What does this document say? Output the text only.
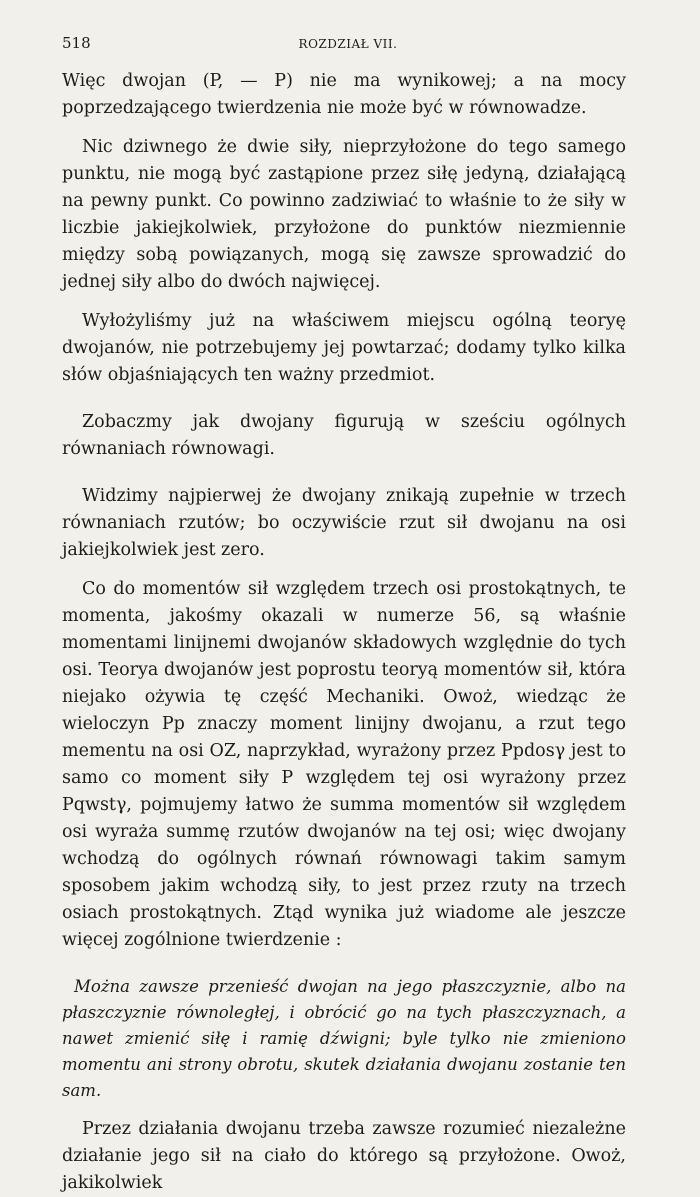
518	ROZDZIAŁ VII.

Więc dwojan (P, — P) nie ma wynikowej; a na mocy poprzedzającego twierdzenia nie może być w równowadze.

Nic dziwnego że dwie siły, nieprzyłożone do tego samego punktu, nie mogą być zastąpione przez siłę jedyną, działającą na pewny punkt. Co powinno zadziwiać to właśnie to że siły w liczbie jakiejkolwiek, przyłożone do punktów niezmiennie między sobą powiązanych, mogą się zawsze sprowadzić do jednej siły albo do dwóch najwięcej.

Wyłożyliśmy już na właściwem miejscu ogólną teoryę dwojanów, nie potrzebujemy jej powtarzać; dodamy tylko kilka słów objaśniających ten ważny przedmiot.

Zobaczmy jak dwojany figurują w sześciu ogólnych równaniach równowagi.

Widzimy najpierwej że dwojany znikają zupełnie w trzech równaniach rzutów; bo oczywiście rzut sił dwojanu na osi jakiejkolwiek jest zero.

Co do momentów sił względem trzech osi prostokątnych, te momenta, jakośmy okazali w numerze 56, są właśnie momentami linijnemi dwojanów składowych względnie do tych osi. Teorya dwojanów jest poprostu teoryą momentów sił, która niejako ożywia tę część Mechaniki. Owoż, wiedząc że wieloczyn Pp znaczy moment linijny dwojanu, a rzut tego mementu na osi OZ, naprzykład, wyrażony przez Ppdosγ jest to samo co moment siły P względem tej osi wyrażony przez Pqwstγ, pojmujemy łatwo że summa momentów sił względem osi wyraża summę rzutów dwojanów na tej osi; więc dwojany wchodzą do ogólnych równań równowagi takim samym sposobem jakim wchodzą siły, to jest przez rzuty na trzech osiach prostokątnych. Ztąd wynika już wiadome ale jeszcze więcej zogólnione twierdzenie :

Można zawsze przenieść dwojan na jego płaszczyznie, albo na płaszczyznie równoległej, i obrócić go na tych płaszczyznach, a nawet zmienić siłę i ramię dźwigni; byle tylko nie zmieniono momentu ani strony obrotu, skutek działania dwojanu zostanie ten sam.

Przez działania dwojanu trzeba zawsze rozumieć niezależne działanie jego sił na ciało do którego są przyłożone. Owoż, jakikolwiek
